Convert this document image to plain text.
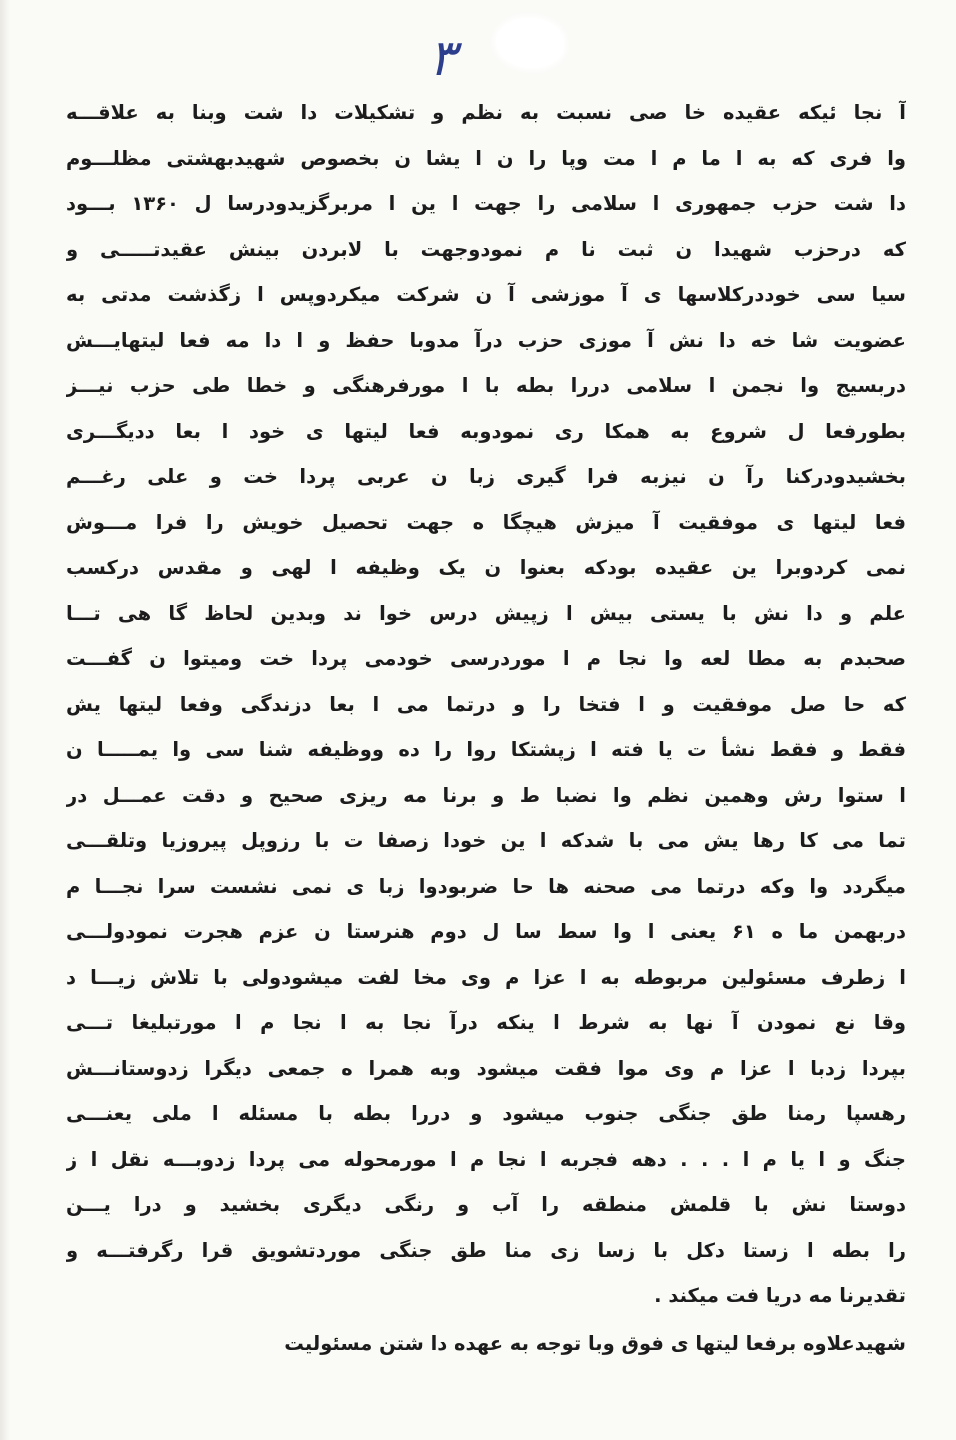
۳
آ نجا ئیکه عقیده خا صی نسبت به نظم و تشکیلات دا شت وبنا به علاقـــه
وا فری که به ا ما م ا مت وپا را ن ا یشا ن بخصوص شهیدبهشتی مظلـــوم
دا شت حزب جمهوری ا سلامی را جهت ا ین ا مربرگزیدودرسا ل ۱۳۶۰ بـــود
که درحزب شهیدا ن ثبت نا م نمودوجهت با لابردن بینش عقیدتـــــی و
سیا سی خوددرکلاسها ی آ موزشی آ ن شرکت میکردوپس ا زگذشت مدتی به
عضویت شا خه دا نش آ موزی حزب درآ مدوبا حفظ و ا دا مه فعا لیتهایـــش
دربسیج وا نجمن ا سلامی دررا بطه با ا مورفرهنگی و خطا طی حزب نیـــز
بطورفعا ل شروع به همکا ری نمودوبه فعا لیتها ی خود ا بعا ددیگـــری
بخشیدودرکنا رآ ن نیزبه فرا گیری زبا ن عربی پردا خت و علی رغـــم
فعا لیتها ی موفقیت آ میزش هیچگا ه جهت تحصیل خویش را فرا مـــوش
نمی کردوبرا ین عقیده بودکه بعنوا ن یک وظیفه ا لهی و مقدس درکسب
علم و دا نش با یستی بیش ا زپیش درس خوا ند وبدین لحاظ گا هی تـــا
صحبدم به مطا لعه وا نجا م ا موردرسی خودمی پردا خت ومیتوا ن گفـــت
که حا صل موفقیت و ا فتخا را و درتما می ا بعا دزندگی وفعا لیتها یش
فقط و فقط نشأ ت یا فته ا زپشتکا روا را ده ووظیفه شنا سی وا یمـــــا ن
ا ستوا رش وهمین نظم وا نضبا ط و برنا مه ریزی صحیح و دقت عمـــل در
تما می کا رها یش می با شدکه ا ین خودا زصفا ت با رزوپل پیروزیا وتلقـــی
میگردد وا وکه درتما می صحنه ها حا ضربودوا زبا ی نمی نشست سرا نجـــا م
دربهمن ما ه ۶۱ یعنی ا وا سط سا ل دوم هنرستا ن عزم هجرت نمودولـــی
ا زطرف مسئولین مربوطه به ا عزا م وی مخا لفت میشودولی با تلاش زیـــا د
وقا نع نمودن آ نها به شرط ا ینکه درآ نجا به ا نجا م ا مورتبلیغا تـــی
بپردا زدبا ا عزا م وی موا فقت میشود وبه همرا ه جمعی دیگرا زدوستانـــش
رهسپا رمنا طق جنگی جنوب میشود و دررا بطه با مسئله ا ملی یعنـــی
جنگ و ا یا م ا . . . دهه فجربه ا نجا م ا مورمحوله می پردا زدوبـــه نقل ا ز
دوستا نش با قلمش منطقه را آب و رنگی دیگری بخشید و درا یـــن
را بطه ا زستا دکل با زسا زی منا طق جنگی موردتشویق قرا رگرفتـــه و
تقدیرنا مه دریا فت میکند .
شهیدعلاوه برفعا لیتها ی فوق وبا توجه به عهده دا شتن مسئولیت
